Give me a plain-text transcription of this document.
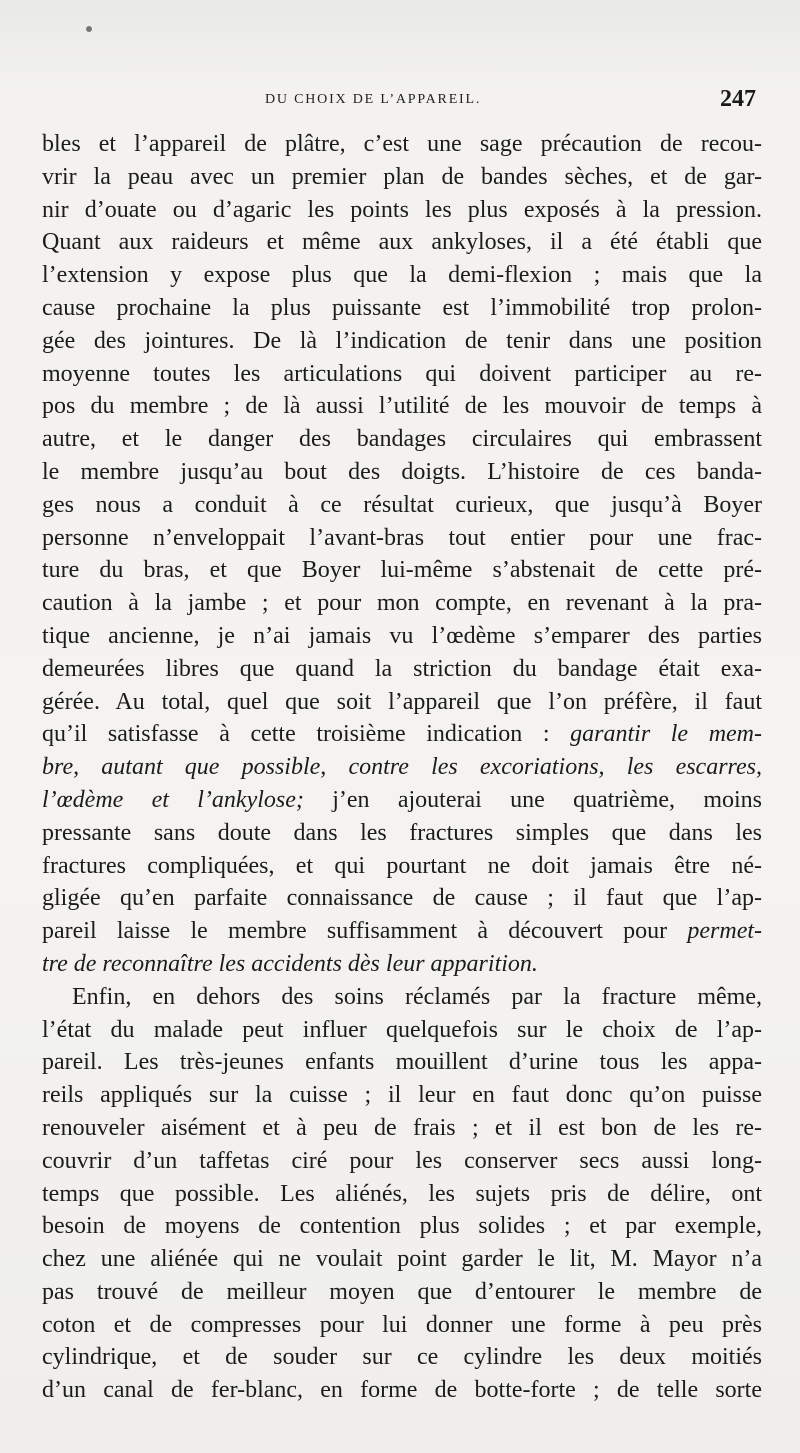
DU CHOIX DE L’APPAREIL.	247
bles et l’appareil de plâtre, c’est une sage précaution de recou-
vrir la peau avec un premier plan de bandes sèches, et de gar-
nir d’ouate ou d’agaric les points les plus exposés à la pression.
Quant aux raideurs et même aux ankyloses, il a été établi que
l’extension y expose plus que la demi-flexion ; mais que la
cause prochaine la plus puissante est l’immobilité trop prolon-
gée des jointures. De là l’indication de tenir dans une position
moyenne toutes les articulations qui doivent participer au re-
pos du membre ; de là aussi l’utilité de les mouvoir de temps à
autre, et le danger des bandages circulaires qui embrassent
le membre jusqu’au bout des doigts. L’histoire de ces banda-
ges nous a conduit à ce résultat curieux, que jusqu’à Boyer
personne n’enveloppait l’avant-bras tout entier pour une frac-
ture du bras, et que Boyer lui-même s’abstenait de cette pré-
caution à la jambe ; et pour mon compte, en revenant à la pra-
tique ancienne, je n’ai jamais vu l’œdème s’emparer des parties
demeurées libres que quand la striction du bandage était exa-
gérée. Au total, quel que soit l’appareil que l’on préfère, il faut
qu’il satisfasse à cette troisième indication : garantir le mem-
bre, autant que possible, contre les excoriations, les escarres,
l’œdème et l’ankylose; j’en ajouterai une quatrième, moins
pressante sans doute dans les fractures simples que dans les
fractures compliquées, et qui pourtant ne doit jamais être né-
gligée qu’en parfaite connaissance de cause ; il faut que l’ap-
pareil laisse le membre suffisamment à découvert pour permet-
tre de reconnaître les accidents dès leur apparition.
Enfin, en dehors des soins réclamés par la fracture même,
l’état du malade peut influer quelquefois sur le choix de l’ap-
pareil. Les très-jeunes enfants mouillent d’urine tous les appa-
reils appliqués sur la cuisse ; il leur en faut donc qu’on puisse
renouveler aisément et à peu de frais ; et il est bon de les re-
couvrir d’un taffetas ciré pour les conserver secs aussi long-
temps que possible. Les aliénés, les sujets pris de délire, ont
besoin de moyens de contention plus solides ; et par exemple,
chez une aliénée qui ne voulait point garder le lit, M. Mayor n’a
pas trouvé de meilleur moyen que d’entourer le membre de
coton et de compresses pour lui donner une forme à peu près
cylindrique, et de souder sur ce cylindre les deux moitiés
d’un canal de fer-blanc, en forme de botte-forte ; de telle sorte
